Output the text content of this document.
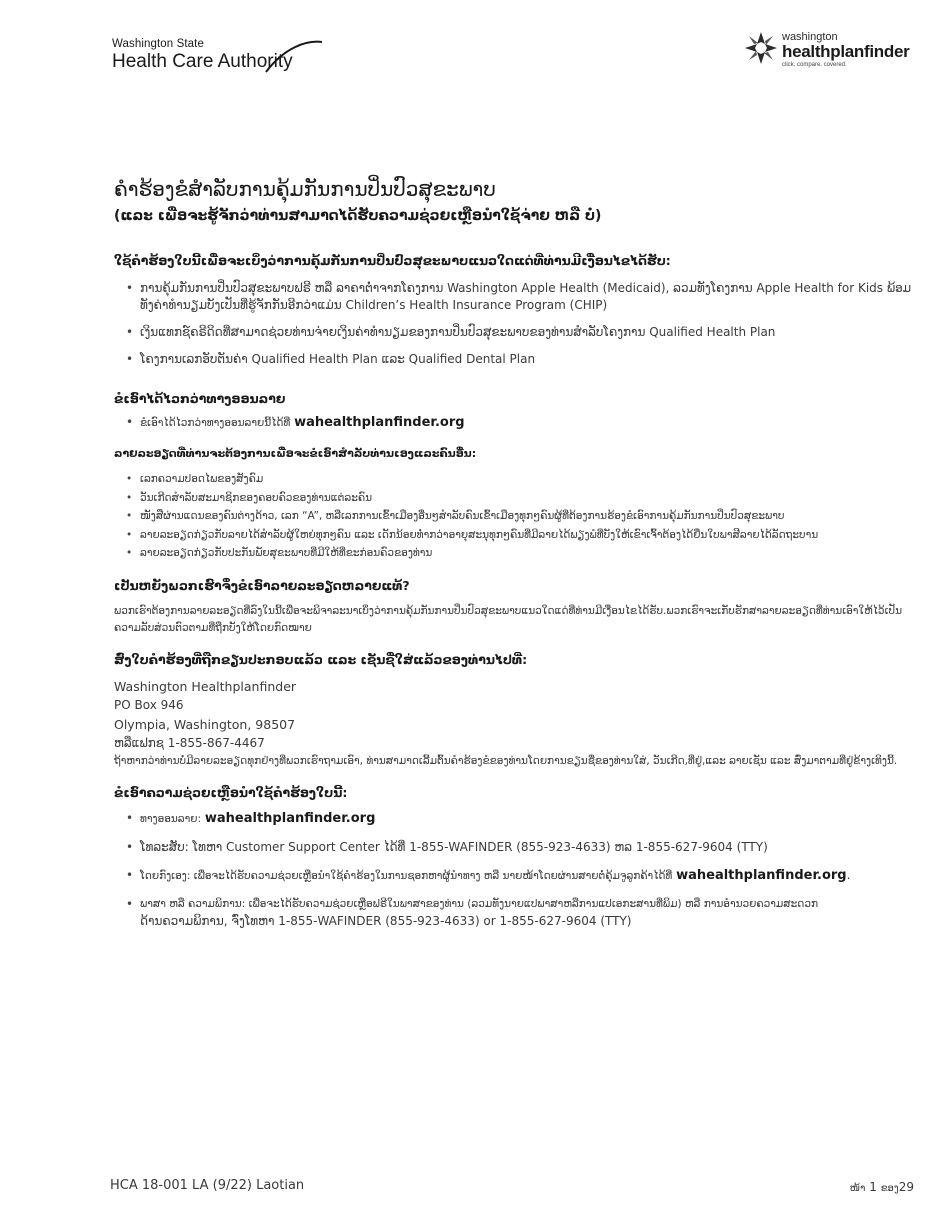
Washington State
Health Care Authority
washington
healthplanfinder
click. compare. covered.
ຄໍາຮ້ອງຂໍສໍາລັບການຄຸ້ມກັນການປິ່ນປົວສຸຂະພາບ
(ແລະ ເພື່ອຈະຮູ້ຈັກວ່າທ່ານສາມາດໄດ້ຮັບຄວາມຊ່ວຍເຫຼືອນໍາໃຊ້ຈ່າຍ ຫລື ບໍ່)
ໃຊ້ຄໍາຮ້ອງໃບນີ້ເພື່ອຈະເບິ່ງວ່າການຄຸ້ມກັນການປິ່ນປົວສຸຂະພາບແນວໃດແດ່ທີ່ທ່ານມີເງື່ອນໄຂໄດ້ຮັບ:
• ການຄຸ້ມກັນການປິ່ນປົວສຸຂະພາບຟຣີ ຫລື ລາຄາຕໍ່າຈາກໂຄງການ Washington Apple Health (Medicaid), ລວມທັງໂຄງການ Apple Health for Kids ພ້ອມທັງຄ່າທໍານຽມບັງເປັນທີ່ຮູ້ຈັກກັນອີກວ່າແມ່ນ Children’s Health Insurance Program (CHIP)
• ເງິນແທກຊ໌ຄຣີດິດທີ່ສາມາດຊ່ວຍທ່ານຈ່າຍເງິນຄ່າທໍານຽມຂອງການປິ່ນປົວສຸຂະພາບຂອງທ່ານສໍາລັບໂຄງການ Qualified Health Plan
• ໂຄງການເລກອັບຕັນຄ່າ Qualified Health Plan ແລະ Qualified Dental Plan
ຂໍເອົາໄດ້ໄວກວ່າທາງອອນລາຍ
• ຂໍເອົາໄດ້ໄວກວ່າທາງອອນລາຍນີ້ໄດ້ທີ່ wahealthplanfinder.org
ລາຍລະອຽດທີ່ທ່ານຈະຕ້ອງການເພື່ອຈະຂໍເອົາສໍາລັບທ່ານເອງແລະຄົນອື່ນ:
• ເລກຄວາມປອດໄພຂອງສັງຄົມ
• ວັນເກີດສໍາລັບສະມາຊິກຂອງຄອບຄົວຂອງທ່ານແຕ່ລະຄົນ
• ໜັງສືຜ່ານແດນຂອງຄົນຕ່າງດ້າວ, ເລກ “A”, ຫລືເລກການເຂົ້າເມືອງອື່ນໆສໍາລັບຄົນເຂົ້າເມືອງທຸກໆຄົນຜູ້ທີ່ຕ້ອງການຮ້ອງຂໍເອົາການຄຸ້ມກັນການປິ່ນປົວສຸຂະພາບ
• ລາຍລະອຽດກ່ຽວກັບລາຍໄດ້ສໍາລັບຜູ້ໃຫຍ່ທຸກໆຄົນ ແລະ ເດັກນ້ອຍທໍ່າກວ່າອາຍຸສະນຸທຸກໆຄົນທີ່ມີລາຍໄດ້ພຽງພໍທີ່ບັງໃຫ້ເຂົາເຈົ້າຕ້ອງໄດ້ຍື່ນໃບພາສີລາຍໄດ້ລັດຖະບານ
• ລາຍລະອຽດກ່ຽວກັບປະກັນພັຍສຸຂະພາບທີ່ມີໃຫ້ທີ່ຂະກ່ອນຄົວຂອງທ່ານ
ເປັນຫຍັງພວກເຮົາຈຶ່ງຂໍເອົາລາຍລະອຽດຫລາຍແທ້?
ພວກເຮົາຕ້ອງການລາຍລະອຽດທີ່ລົງໃນນີ້ເພື່ອຈະພິຈາລະນາເບິ່ງວ່າການຄຸ້ມກັນການປິ່ນປົວສຸຂະພາບແນວໃດແດ່ທີ່ທ່ານມີເງື່ອນໄຂໄດ້ຮັບ.ພວກເຮົາຈະເກັບຮັກສາລາຍລະອຽດທີ່ທ່ານເອົາໃຫ້ໄວ້ເປັນຄວາມລັບສ່ວນຕົວຕາມທີ່ຖືກບັງໃຫ້ໂດຍກົດໝາຍ
ສົ່ງໃບຄໍາຮ້ອງທີ່ຖືກຂຽນປະກອບແລ້ວ ແລະ ເຊັນຊື່ໃສ່ແລ້ວຂອງທ່ານໄປທີ່:
Washington Healthplanfinder
PO Box 946
Olympia, Washington, 98507
ຫລືແຟກຊ 1-855-867-4467
ຖ້າຫາກວ່າທ່ານບໍ່ມີລາຍລະອຽດທຸກຢ່າງທີ່ພວກເຮົາຖາມເອົາ, ທ່ານສາມາດເລີ້ມຕົ້ນຄໍາຮ້ອງຂໍຂອງທ່ານໂດຍການຂຽນຊື່ຂອງທ່ານໃສ່, ວັນເກີດ,ທີ່ຢູ່,ແລະ ລາຍເຊັນ ແລະ ສົ່ງມາຕາມທີ່ຢູ່ຂ້າງເທິງນີ້.
ຂໍເອົາຄວາມຊ່ວຍເຫຼືອນໍາໃຊ້ຄໍາຮ້ອງໃບນີ້:
• ທາງອອນລາຍ: wahealthplanfinder.org
• ໂທລະສັບ: ໂທຫາ Customer Support Center ໄດ້ທີ່ 1-855-WAFINDER (855-923-4633) ຫລ 1-855-627-9604 (TTY)
• ໂດຍກົງເອງ: ເພື່ອຈະໄດ້ຮັບຄວາມຊ່ວຍເຫຼືອນໍາໃຊ້ຄໍາຮ້ອງໃນການຊອກຫາຜູ້ນໍາທາງ ຫລື ນາຍໜ້າໂດຍຜ່ານສາຍຕໍ່ຄຸ້ມຈູລູກຄ້າໄດ້ທີ່ wahealthplanfinder.org.
• ພາສາ ຫລື ຄວາມພິການ: ເພື່ອຈະໄດ້ຮັບຄວາມຊ່ວຍເຫຼືອຟຣີໃນພາສາຂອງທ່ານ (ລວມທັງນາຍແປພາສາຫລືການແປເອກະສານທີ່ພິມ) ຫລື ການອໍານວຍຄວາມສະດວກ
ດ້ານຄວາມພິການ, ຈົ່ງໂທຫາ 1-855-WAFINDER (855-923-4633) or 1-855-627-9604 (TTY)
HCA 18-001 LA (9/22) Laotian	ໜ້າ 1 ຂອງ29
